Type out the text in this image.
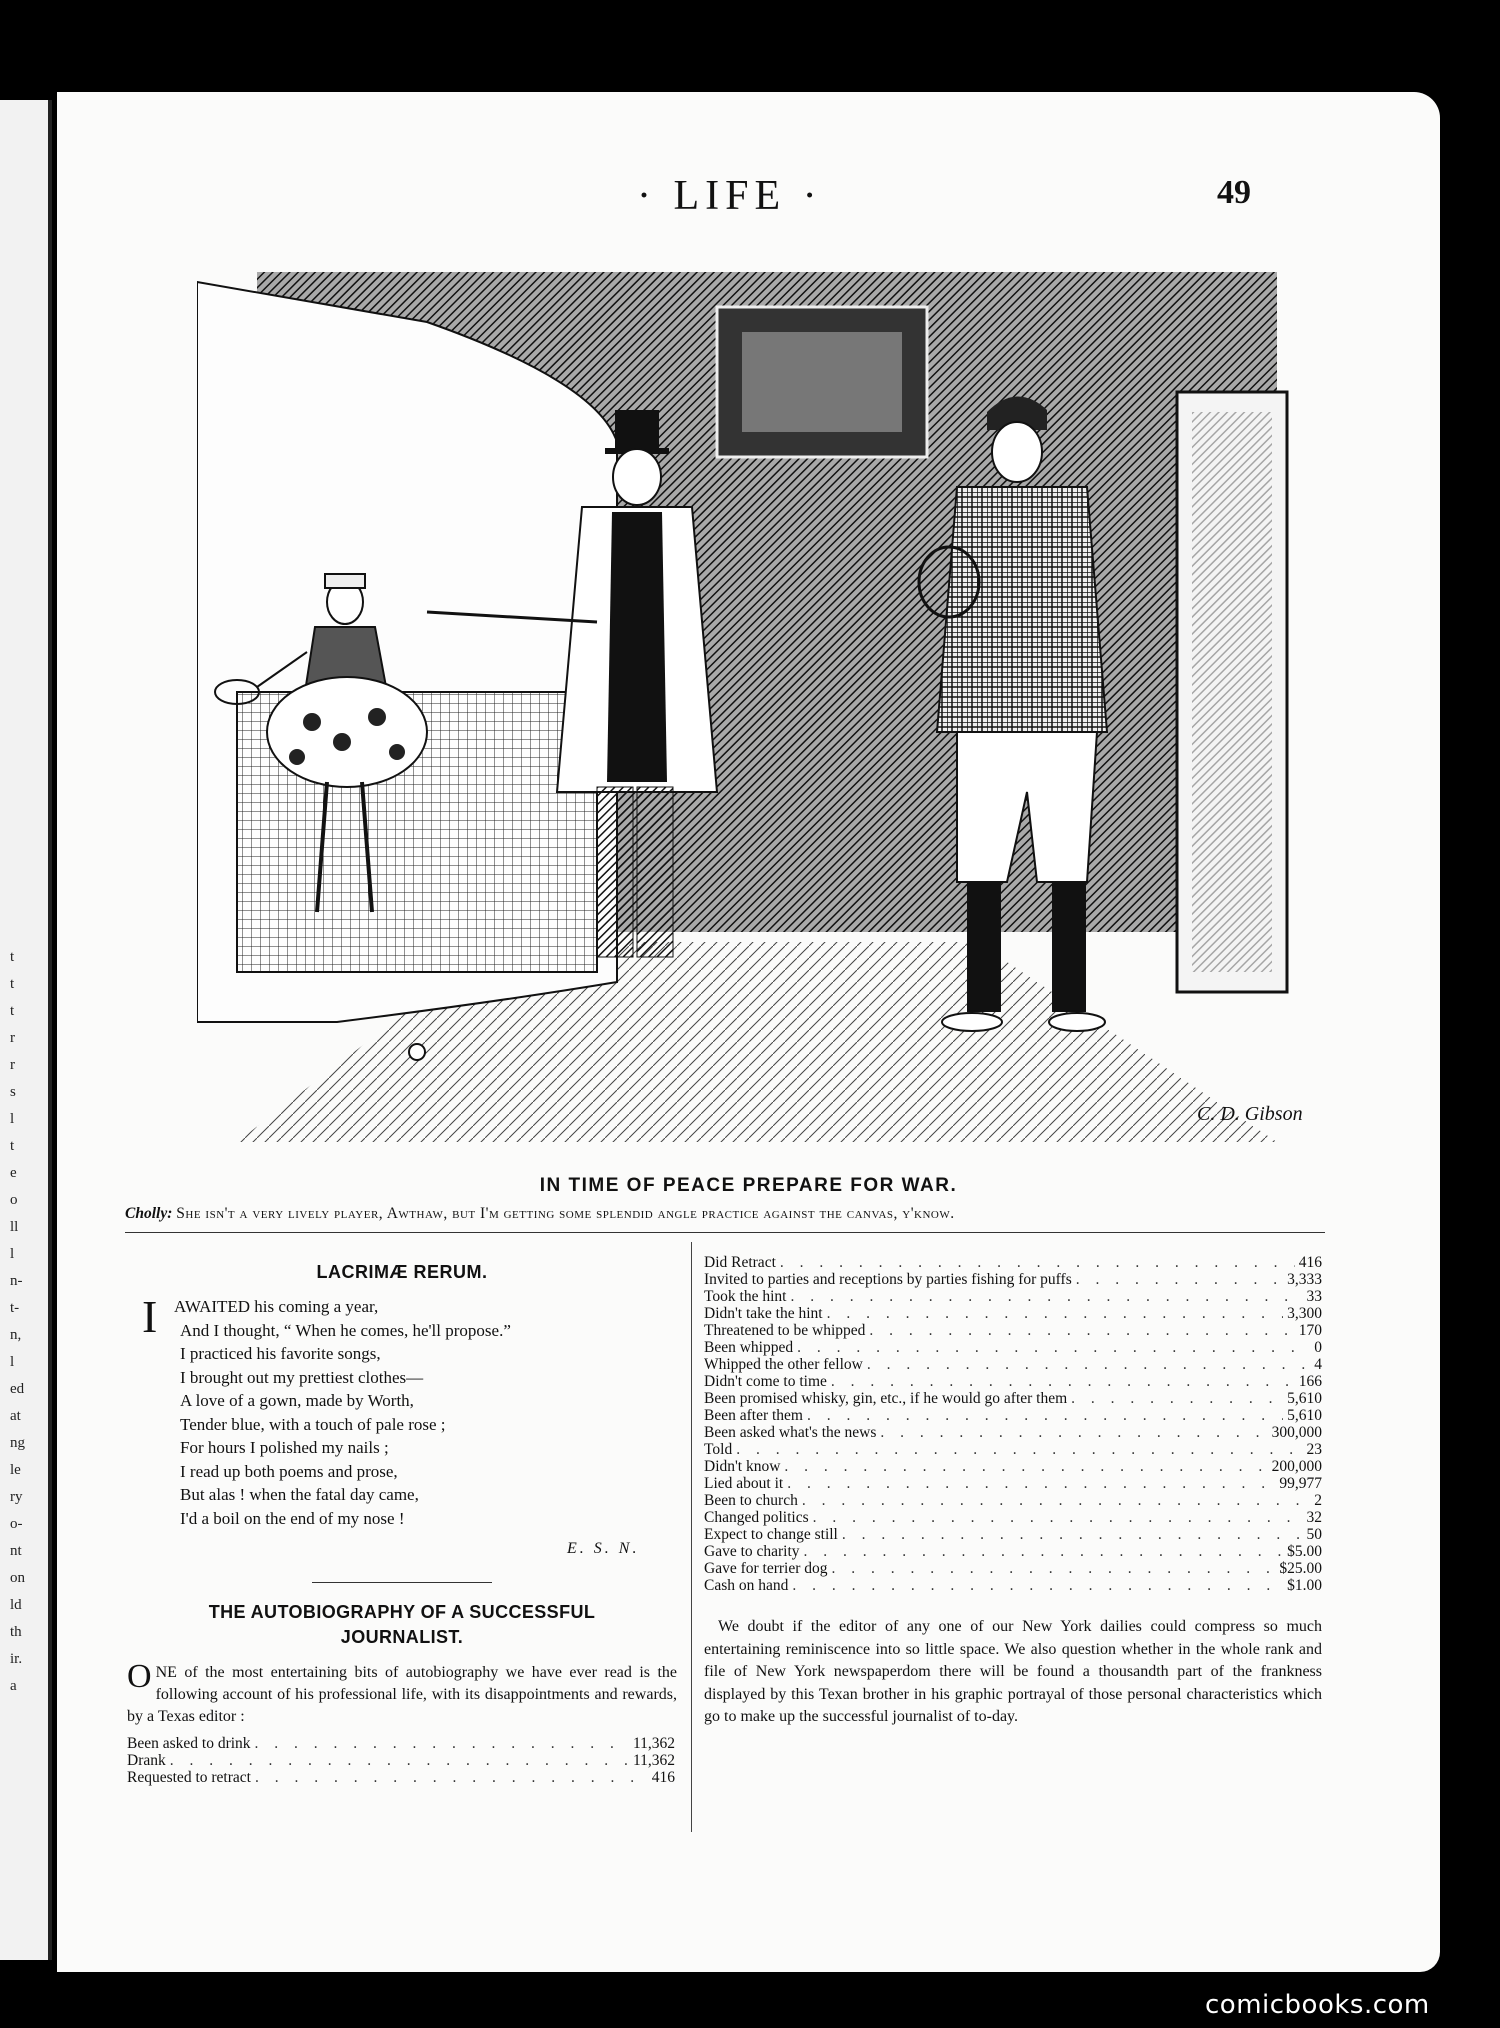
t
t
t
r
r
s
l
t
e
o
ll
l
n-
t-
n,
l
ed
at
ng
le
ry
o-
nt
on
ld
th
ir.
a
· LIFE ·	49
C. D. Gibson
IN TIME OF PEACE PREPARE FOR WAR.
Cholly: She isn't a very lively player, Awthaw, but I'm getting some splendid angle practice against the canvas, y'know.
LACRIMÆ RERUM.
I AWAITED his coming a year,
And I thought, “ When he comes, he'll propose.”
I practiced his favorite songs,
I brought out my prettiest clothes—
A love of a gown, made by Worth,
Tender blue, with a touch of pale rose ;
For hours I polished my nails ;
I read up both poems and prose,
But alas ! when the fatal day came,
I'd a boil on the end of my nose !
E. S. N.
THE AUTOBIOGRAPHY OF A SUCCESSFUL
JOURNALIST.
ONE of the most entertaining bits of autobiography we have ever read is the following account of his professional life, with its disappointments and rewards, by a Texas editor :
Been asked to drink . . .	11,362
Drank . . .	11,362
Requested to retract . . .	416
Did Retract . . .	416
Invited to parties and receptions by parties fishing for puffs . . .	3,333
Took the hint . . .	33
Didn't take the hint . . .	3,300
Threatened to be whipped . . .	170
Been whipped . . .	0
Whipped the other fellow . . .	4
Didn't come to time . . .	166
Been promised whisky, gin, etc., if he would go after them . . .	5,610
Been after them . . .	5,610
Been asked what's the news . . .	300,000
Told . . .	23
Didn't know . . .	200,000
Lied about it . . .	99,977
Been to church . . .	2
Changed politics . . .	32
Expect to change still . . .	50
Gave to charity . . .	$5.00
Gave for terrier dog . . .	$25.00
Cash on hand . . .	$1.00
We doubt if the editor of any one of our New York dailies could compress so much entertaining reminiscence into so little space. We also question whether in the whole rank and file of New York newspaperdom there will be found a thousandth part of the frankness displayed by this Texan brother in his graphic portrayal of those personal characteristics which go to make up the successful journalist of to-day.
comicbooks.com
